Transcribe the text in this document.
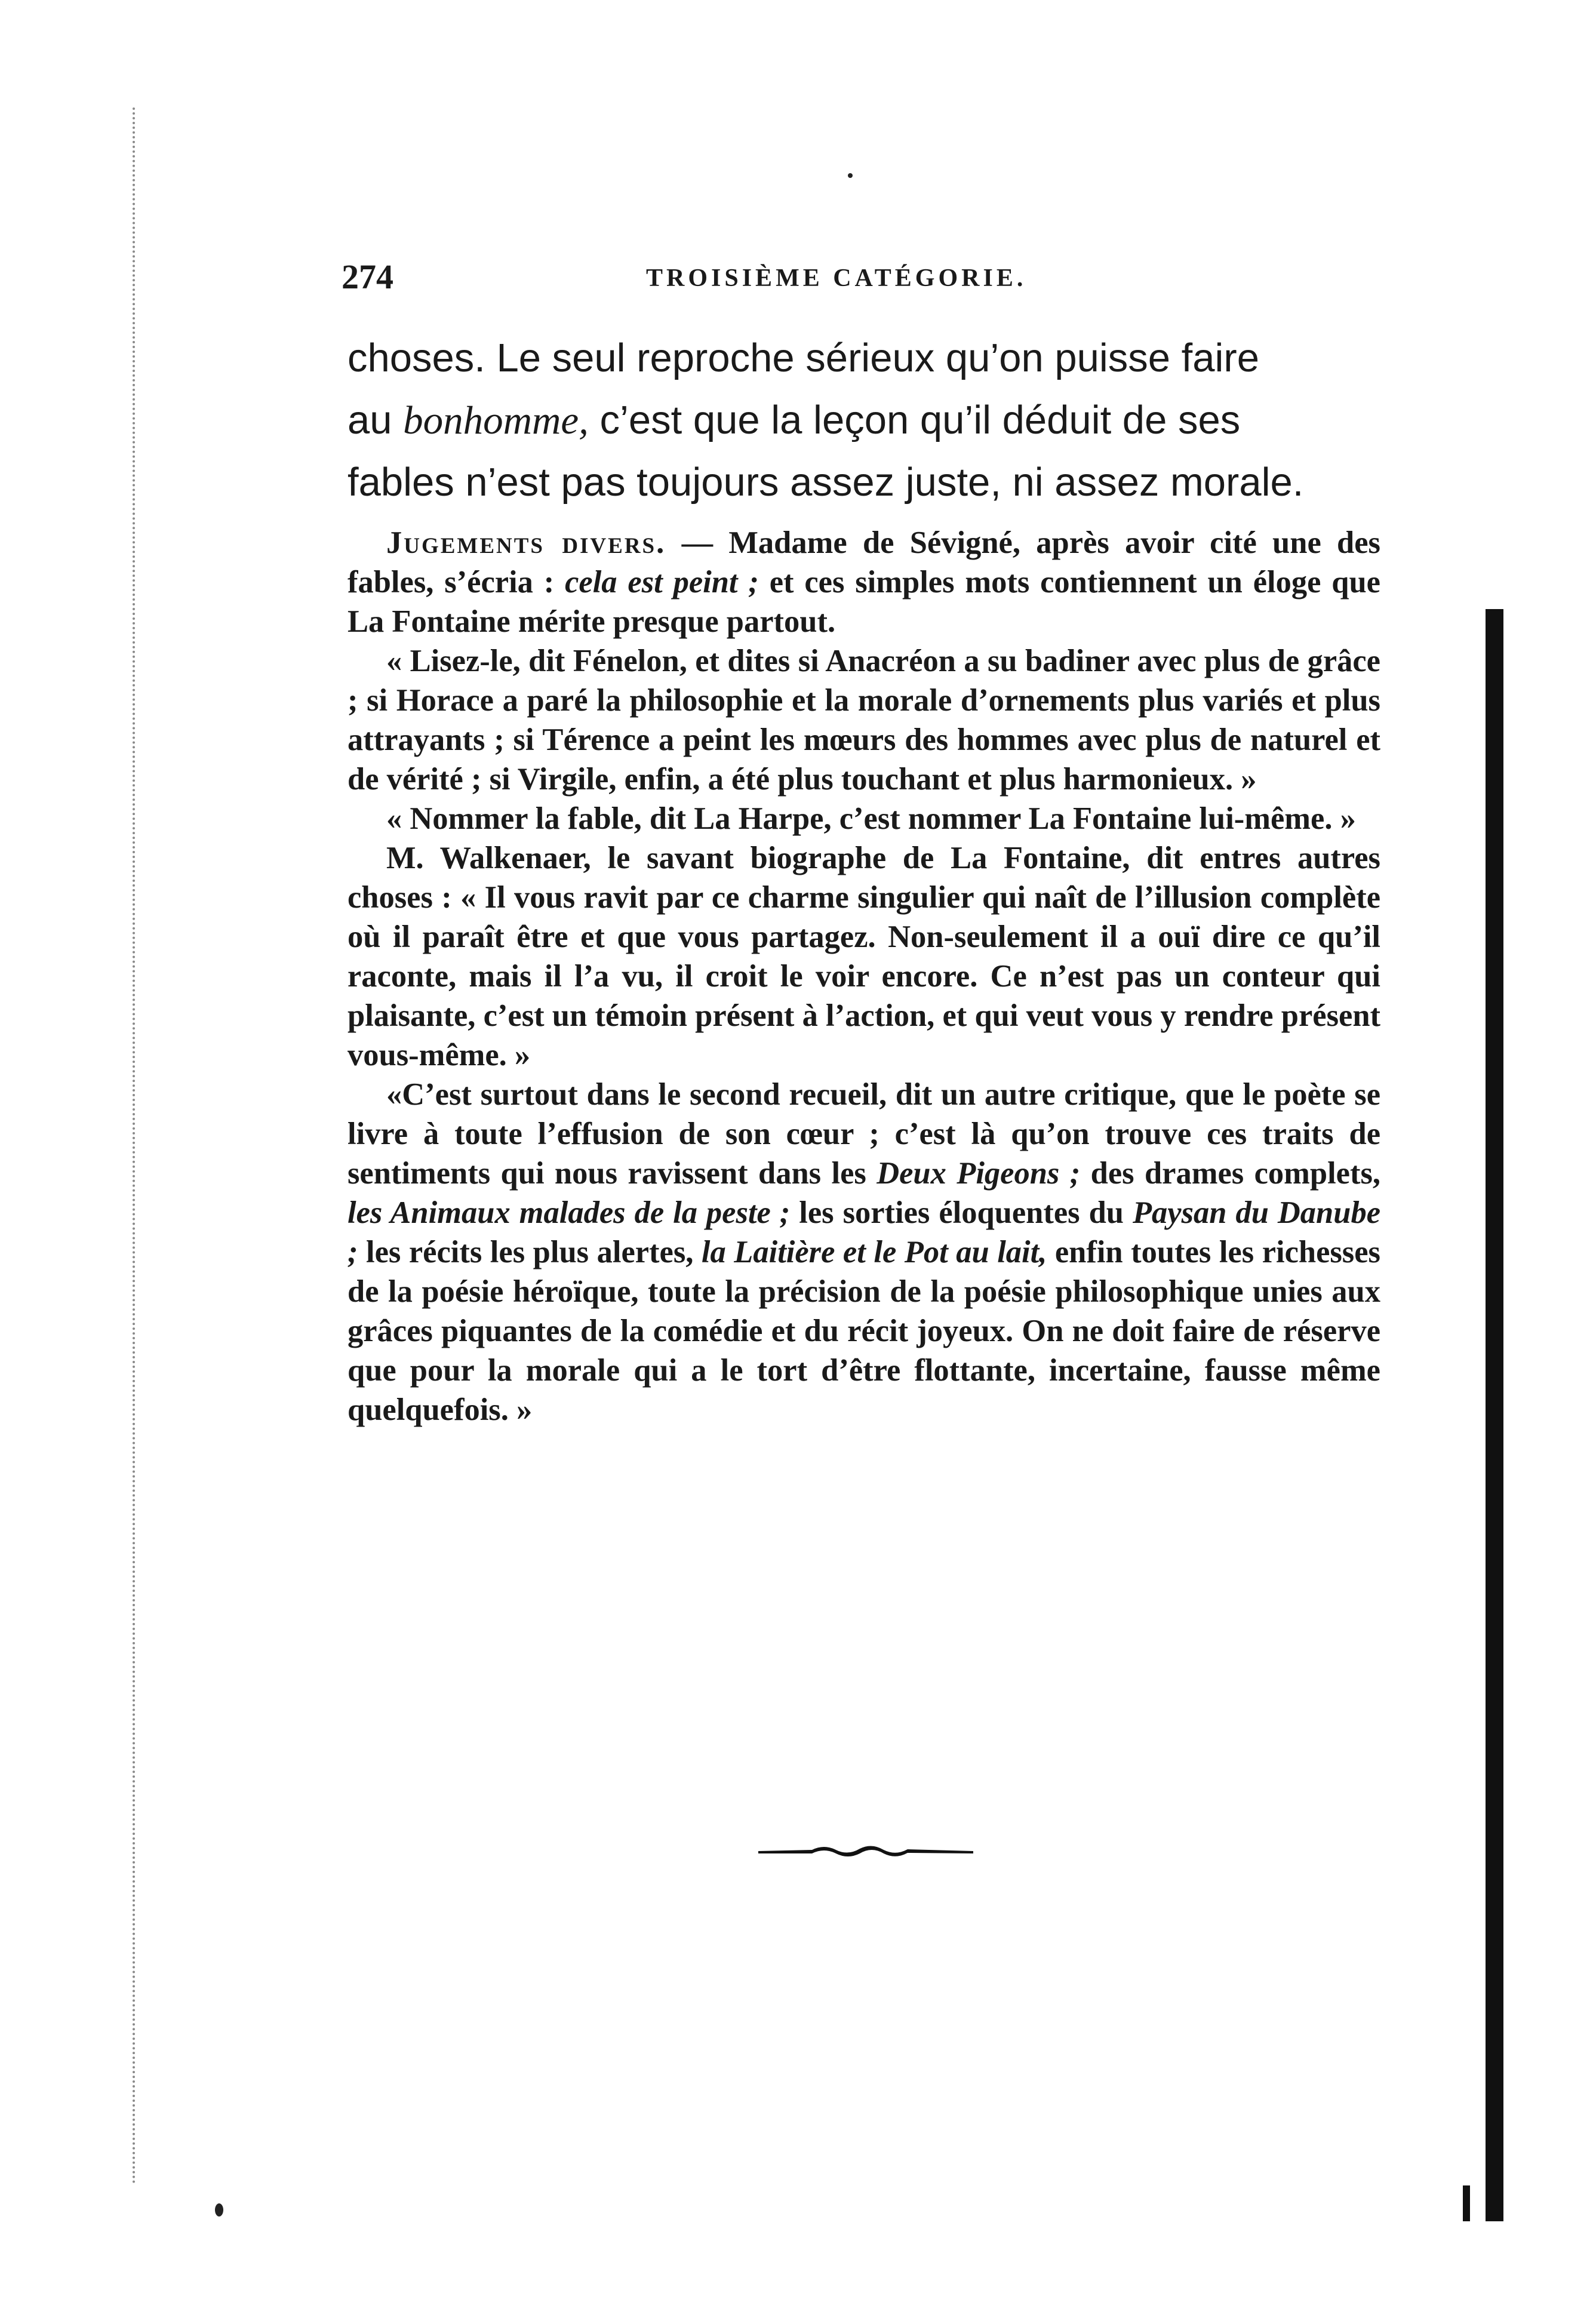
274	TROISIÈME CATÉGORIE.

choses. Le seul reproche sérieux qu’on puisse faire

au bonhomme, c’est que la leçon qu’il déduit de ses

fables n’est pas toujours assez juste, ni assez morale.

Jugements divers. — Madame de Sévigné, après avoir cité une des fables, s’écria : cela est peint ; et ces simples mots contiennent un éloge que La Fontaine mérite presque partout.

« Lisez-le, dit Fénelon, et dites si Anacréon a su badiner avec plus de grâce ; si Horace a paré la philosophie et la morale d’ornements plus variés et plus attrayants ; si Térence a peint les mœurs des hommes avec plus de naturel et de vérité ; si Virgile, enfin, a été plus touchant et plus harmonieux. »

« Nommer la fable, dit La Harpe, c’est nommer La Fontaine lui-même. »

M. Walkenaer, le savant biographe de La Fontaine, dit entres autres choses : « Il vous ravit par ce charme singulier qui naît de l’illusion complète où il paraît être et que vous partagez. Non-seulement il a ouï dire ce qu’il raconte, mais il l’a vu, il croit le voir encore. Ce n’est pas un conteur qui plaisante, c’est un témoin présent à l’action, et qui veut vous y rendre présent vous-même. »

«C’est surtout dans le second recueil, dit un autre critique, que le poète se livre à toute l’effusion de son cœur ; c’est là qu’on trouve ces traits de sentiments qui nous ravissent dans les Deux Pigeons ; des drames complets, les Animaux malades de la peste ; les sorties éloquentes du Paysan du Danube ; les récits les plus alertes, la Laitière et le Pot au lait, enfin toutes les richesses de la poésie héroïque, toute la précision de la poésie philosophique unies aux grâces piquantes de la comédie et du récit joyeux. On ne doit faire de réserve que pour la morale qui a le tort d’être flottante, incertaine, fausse même quelquefois. »
